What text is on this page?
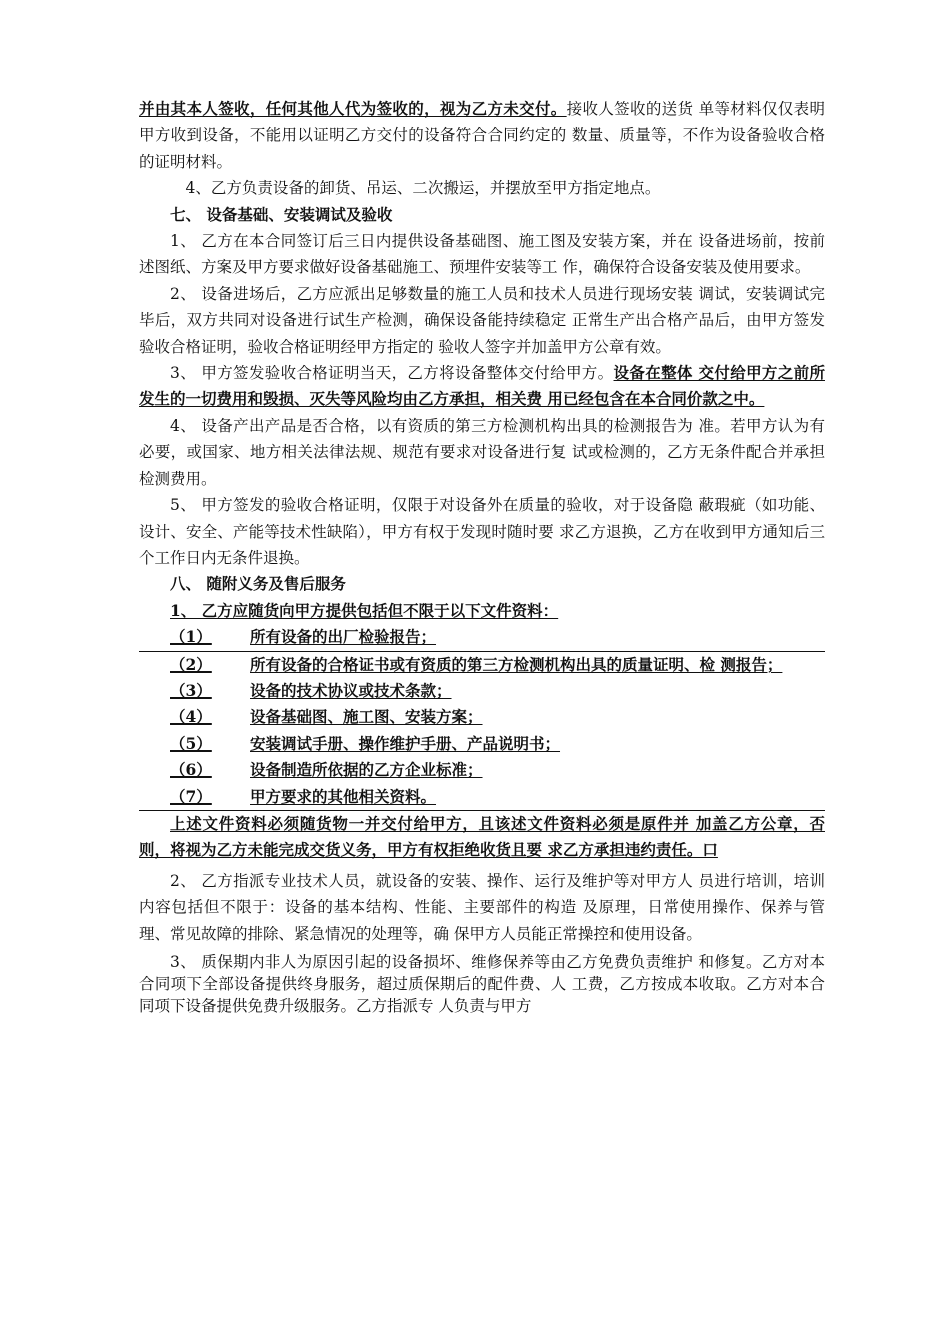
并由其本人签收，任何其他人代为签收的，视为乙方未交付。接收人签收的送货 单等材料仅仅表明甲方收到设备，不能用以证明乙方交付的设备符合合同约定的 数量、质量等，不作为设备验收合格的证明材料。

4、乙方负责设备的卸货、吊运、二次搬运，并摆放至甲方指定地点。

七、 设备基础、安装调试及验收

1、 乙方在本合同签订后三日内提供设备基础图、施工图及安装方案，并在 设备进场前，按前述图纸、方案及甲方要求做好设备基础施工、预埋件安装等工 作，确保符合设备安装及使用要求。

2、 设备进场后，乙方应派出足够数量的施工人员和技术人员进行现场安装 调试，安装调试完毕后，双方共同对设备进行试生产检测，确保设备能持续稳定 正常生产出合格产品后，由甲方签发验收合格证明，验收合格证明经甲方指定的 验收人签字并加盖甲方公章有效。

3、 甲方签发验收合格证明当天，乙方将设备整体交付给甲方。设备在整体 交付给甲方之前所发生的一切费用和毁损、灭失等风险均由乙方承担，相关费 用已经包含在本合同价款之中。

4、 设备产出产品是否合格，以有资质的第三方检测机构出具的检测报告为 准。若甲方认为有必要，或国家、地方相关法律法规、规范有要求对设备进行复 试或检测的，乙方无条件配合并承担检测费用。

5、 甲方签发的验收合格证明，仅限于对设备外在质量的验收，对于设备隐 蔽瑕疵（如功能、设计、安全、产能等技术性缺陷），甲方有权于发现时随时要 求乙方退换，乙方在收到甲方通知后三个工作日内无条件退换。

八、 随附义务及售后服务

1、 乙方应随货向甲方提供包括但不限于以下文件资料：

（1） 所有设备的出厂检验报告；

（2） 所有设备的合格证书或有资质的第三方检测机构出具的质量证明、检 测报告；

（3） 设备的技术协议或技术条款；

（4） 设备基础图、施工图、安装方案；

（5） 安装调试手册、操作维护手册、产品说明书；

（6） 设备制造所依据的乙方企业标准；

（7） 甲方要求的其他相关资料。

上述文件资料必须随货物一并交付给甲方，且该述文件资料必须是原件并 加盖乙方公章，否则，将视为乙方未能完成交货义务，甲方有权拒绝收货且要 求乙方承担违约责任。口

2、 乙方指派专业技术人员，就设备的安装、操作、运行及维护等对甲方人 员进行培训，培训内容包括但不限于：设备的基本结构、性能、主要部件的构造 及原理，日常使用操作、保养与管理、常见故障的排除、紧急情况的处理等，确 保甲方人员能正常操控和使用设备。

3、 质保期内非人为原因引起的设备损坏、维修保养等由乙方免费负责维护 和修复。乙方对本合同项下全部设备提供终身服务，超过质保期后的配件费、人 工费，乙方按成本收取。乙方对本合同项下设备提供免费升级服务。乙方指派专 人负责与甲方
